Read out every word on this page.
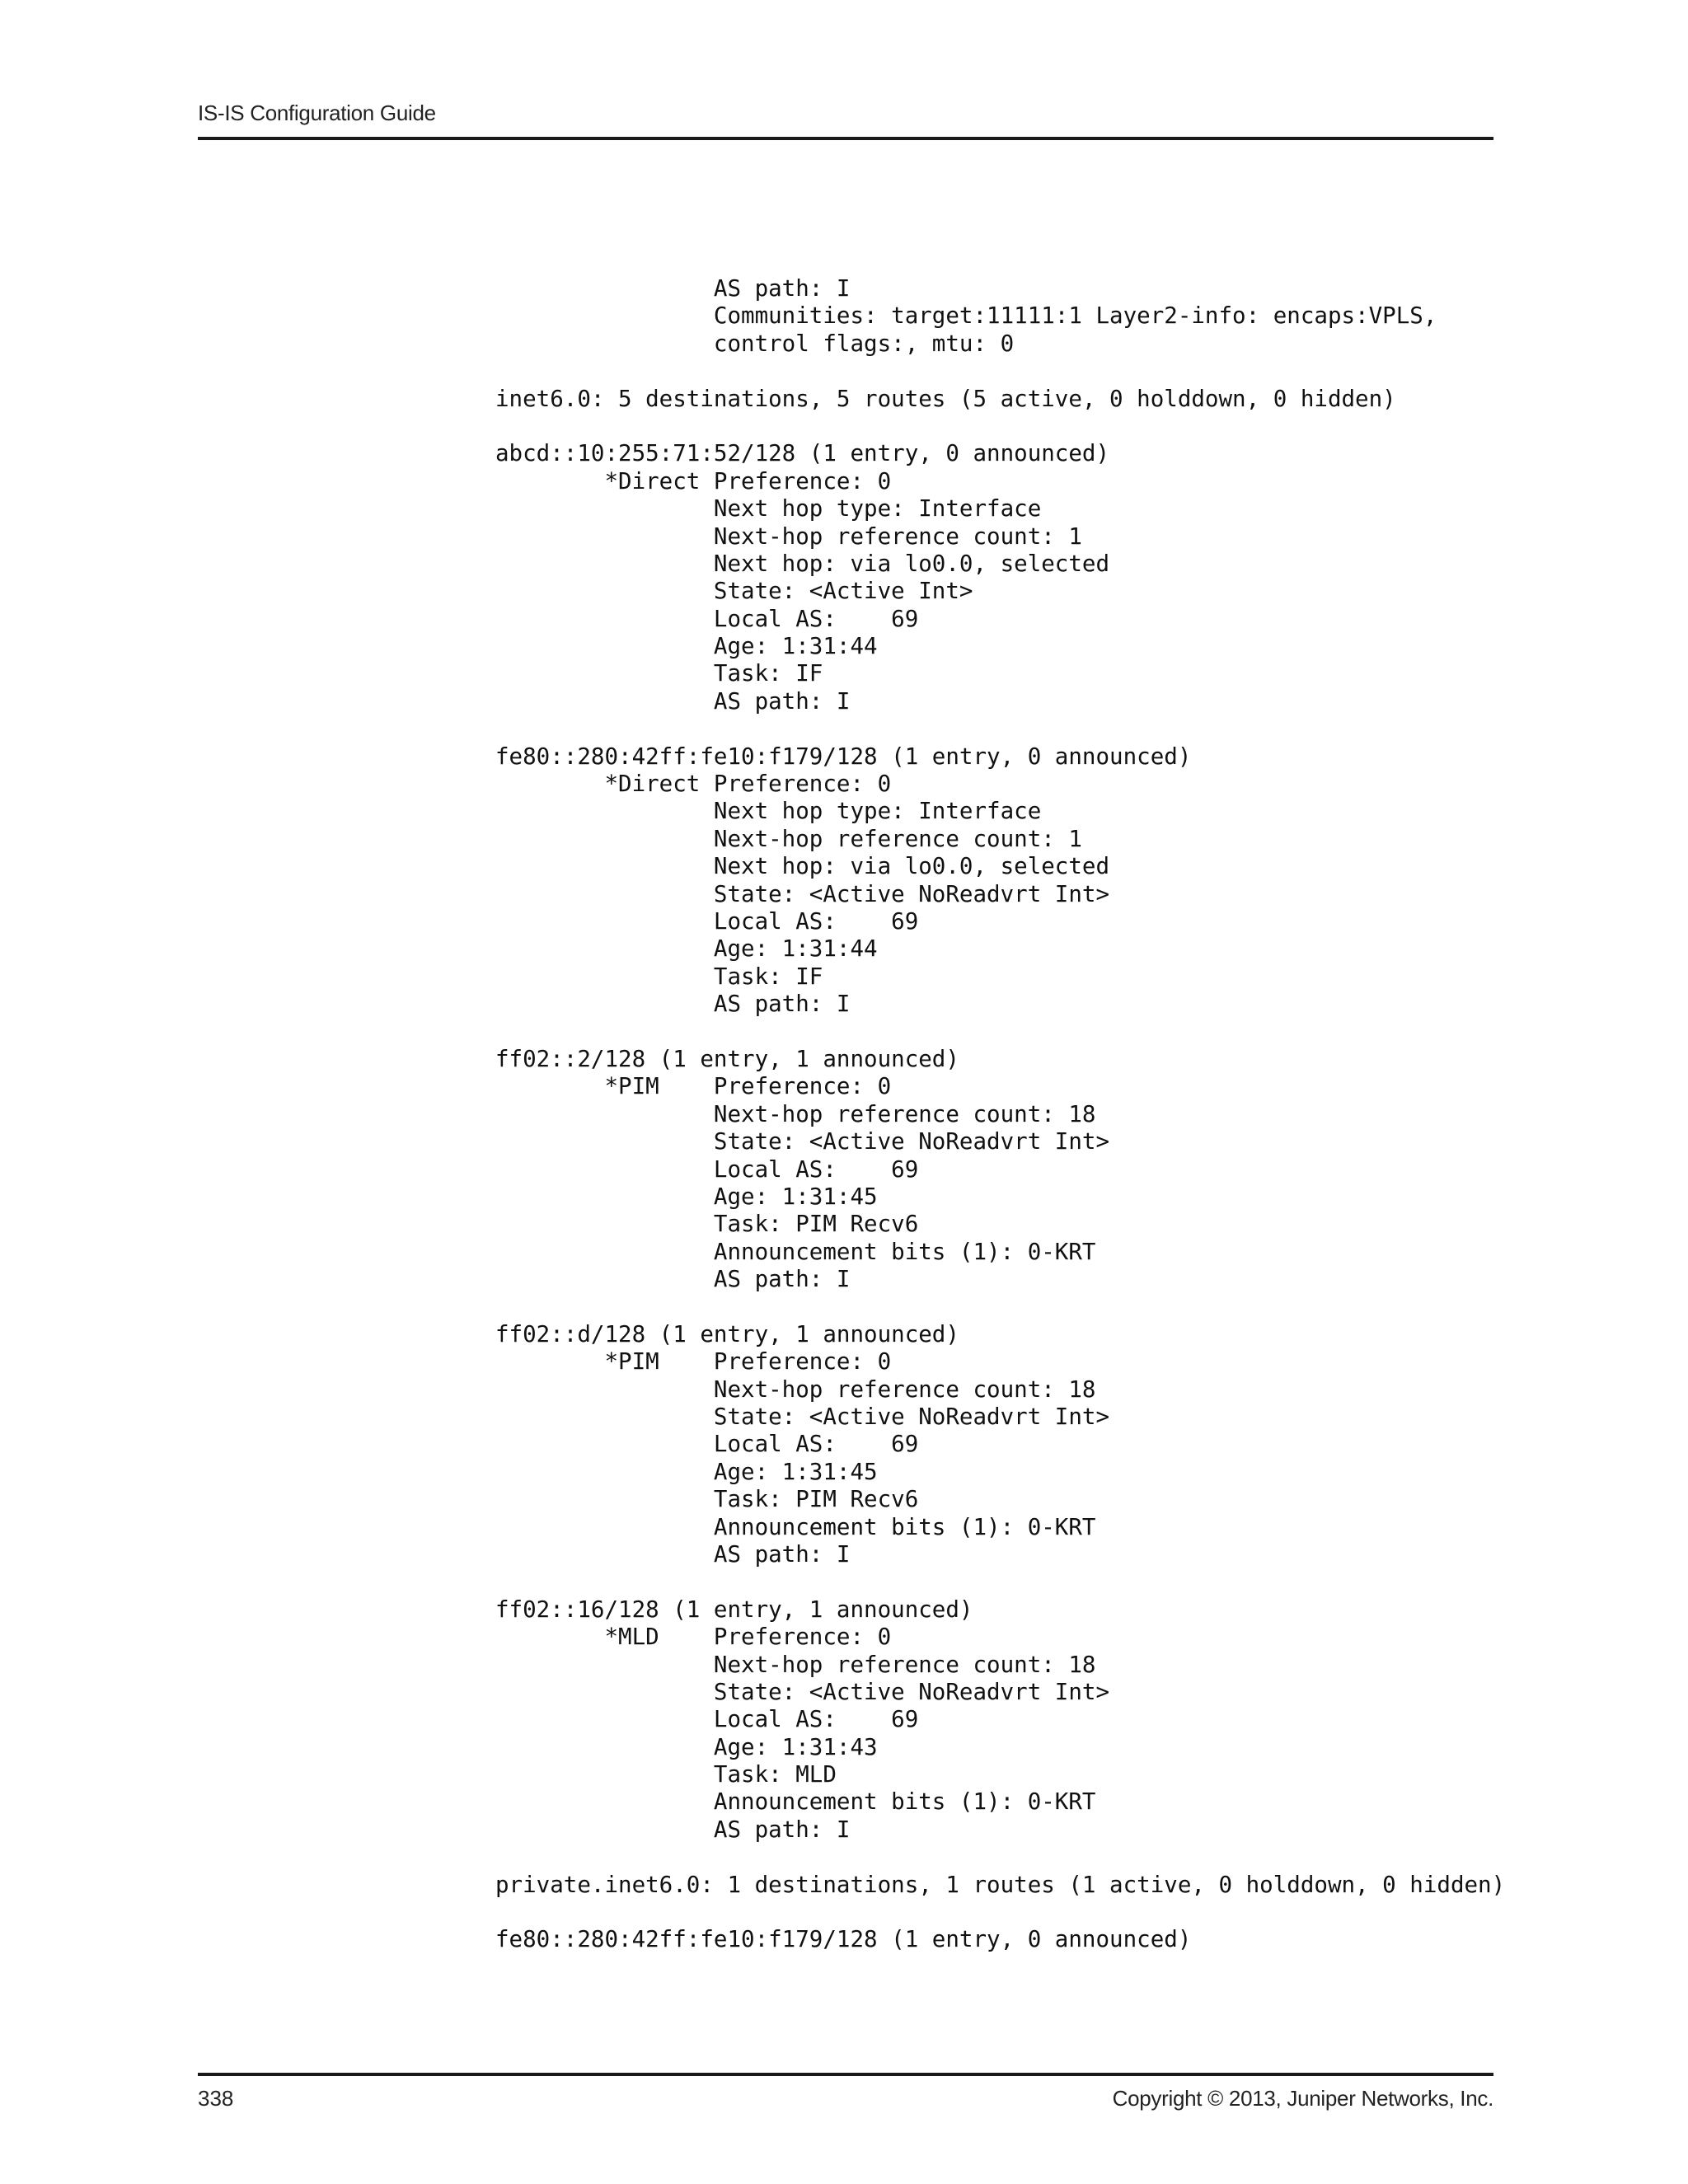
IS-IS Configuration Guide
AS path: I
Communities: target:11111:1 Layer2-info: encaps:VPLS,
control flags:, mtu: 0
inet6.0: 5 destinations, 5 routes (5 active, 0 holddown, 0 hidden)
abcd::10:255:71:52/128 (1 entry, 0 announced)
*Direct Preference: 0
Next hop type: Interface
Next-hop reference count: 1
Next hop: via lo0.0, selected
State: <Active Int>
Local AS:    69
Age: 1:31:44
Task: IF
AS path: I
fe80::280:42ff:fe10:f179/128 (1 entry, 0 announced)
*Direct Preference: 0
Next hop type: Interface
Next-hop reference count: 1
Next hop: via lo0.0, selected
State: <Active NoReadvrt Int>
Local AS:    69
Age: 1:31:44
Task: IF
AS path: I
ff02::2/128 (1 entry, 1 announced)
*PIM    Preference: 0
Next-hop reference count: 18
State: <Active NoReadvrt Int>
Local AS:    69
Age: 1:31:45
Task: PIM Recv6
Announcement bits (1): 0-KRT
AS path: I
ff02::d/128 (1 entry, 1 announced)
*PIM    Preference: 0
Next-hop reference count: 18
State: <Active NoReadvrt Int>
Local AS:    69
Age: 1:31:45
Task: PIM Recv6
Announcement bits (1): 0-KRT
AS path: I
ff02::16/128 (1 entry, 1 announced)
*MLD    Preference: 0
Next-hop reference count: 18
State: <Active NoReadvrt Int>
Local AS:    69
Age: 1:31:43
Task: MLD
Announcement bits (1): 0-KRT
AS path: I
private.inet6.0: 1 destinations, 1 routes (1 active, 0 holddown, 0 hidden)
fe80::280:42ff:fe10:f179/128 (1 entry, 0 announced)
338	Copyright © 2013, Juniper Networks, Inc.
